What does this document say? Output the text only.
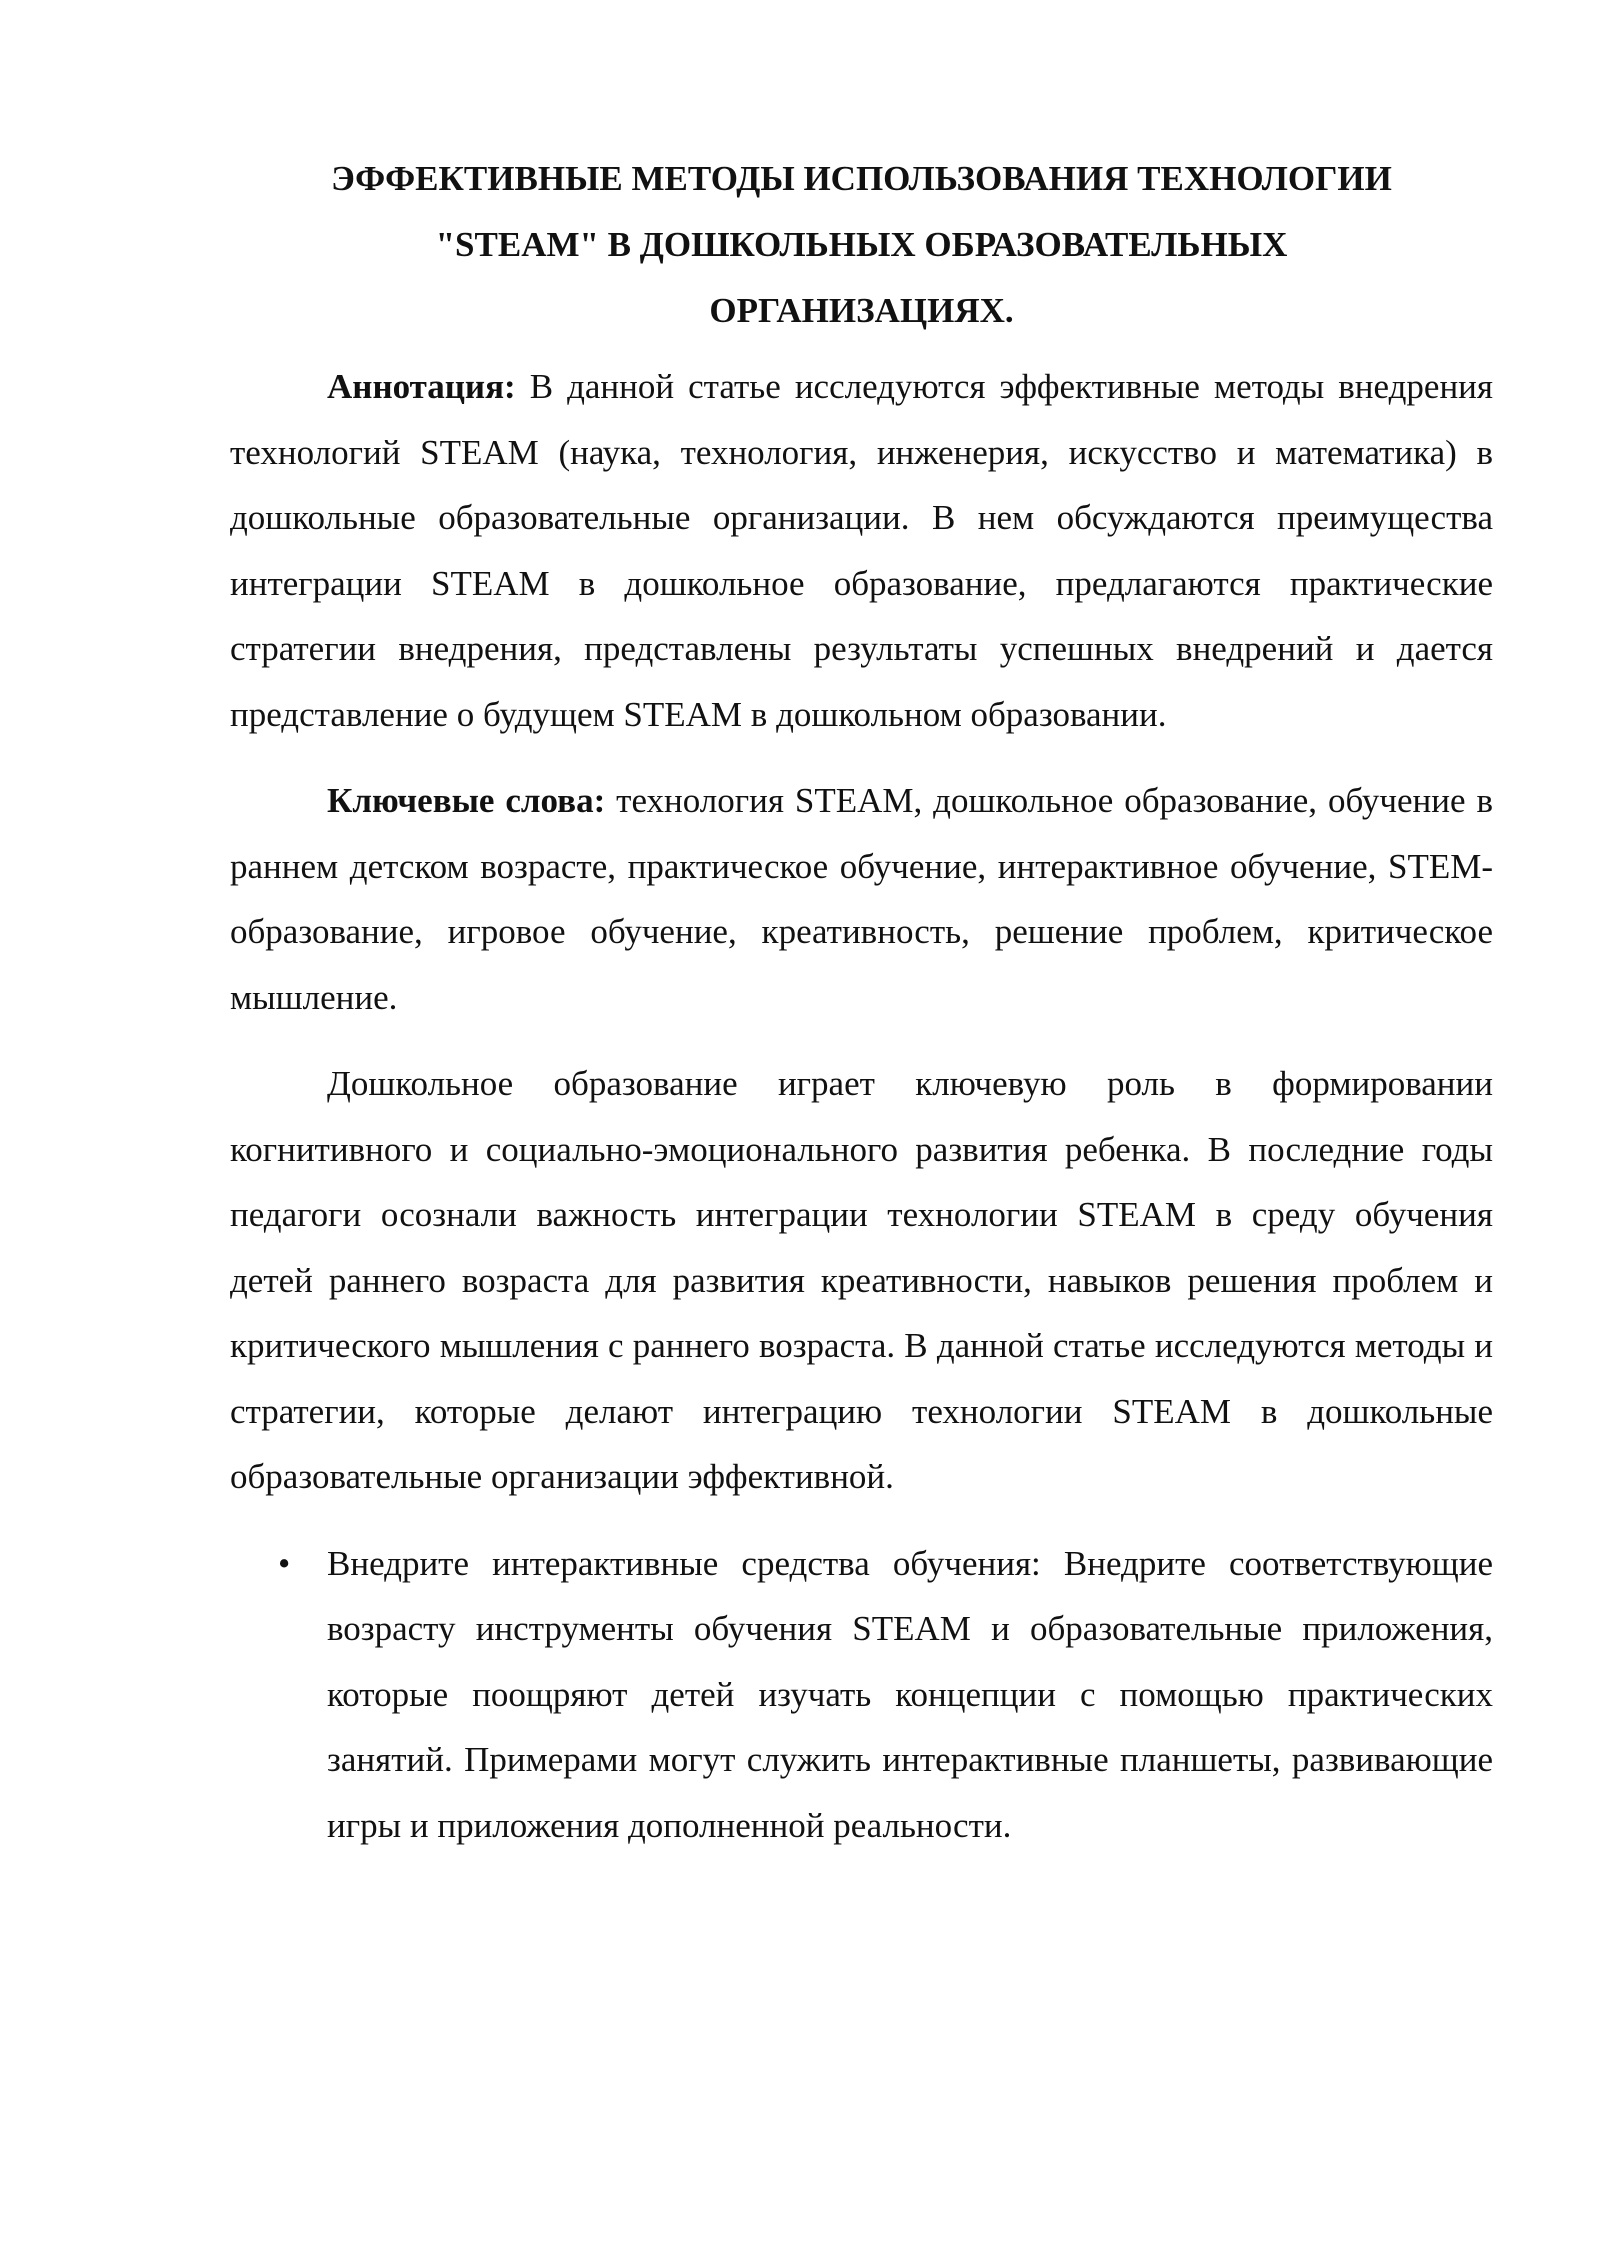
ЭФФЕКТИВНЫЕ МЕТОДЫ ИСПОЛЬЗОВАНИЯ ТЕХНОЛОГИИ
"STEAM" В ДОШКОЛЬНЫХ ОБРАЗОВАТЕЛЬНЫХ
ОРГАНИЗАЦИЯХ.

Аннотация: В данной статье исследуются эффективные методы внедрения технологий STEAM (наука, технология, инженерия, искусство и математика) в дошкольные образовательные организации. В нем обсуждаются преимущества интеграции STEAM в дошкольное образование, предлагаются практические стратегии внедрения, представлены результаты успешных внедрений и дается представление о будущем STEAM в дошкольном образовании.

Ключевые слова: технология STEAM, дошкольное образование, обучение в раннем детском возрасте, практическое обучение, интерактивное обучение, STEM-образование, игровое обучение, креативность, решение проблем, критическое мышление.

Дошкольное образование играет ключевую роль в формировании когнитивного и социально-эмоционального развития ребенка. В последние годы педагоги осознали важность интеграции технологии STEAM в среду обучения детей раннего возраста для развития креативности, навыков решения проблем и критического мышления с раннего возраста. В данной статье исследуются методы и стратегии, которые делают интеграцию технологии STEAM в дошкольные образовательные организации эффективной.

• Внедрите интерактивные средства обучения: Внедрите соответствующие возрасту инструменты обучения STEAM и образовательные приложения, которые поощряют детей изучать концепции с помощью практических занятий. Примерами могут служить интерактивные планшеты, развивающие игры и приложения дополненной реальности.
